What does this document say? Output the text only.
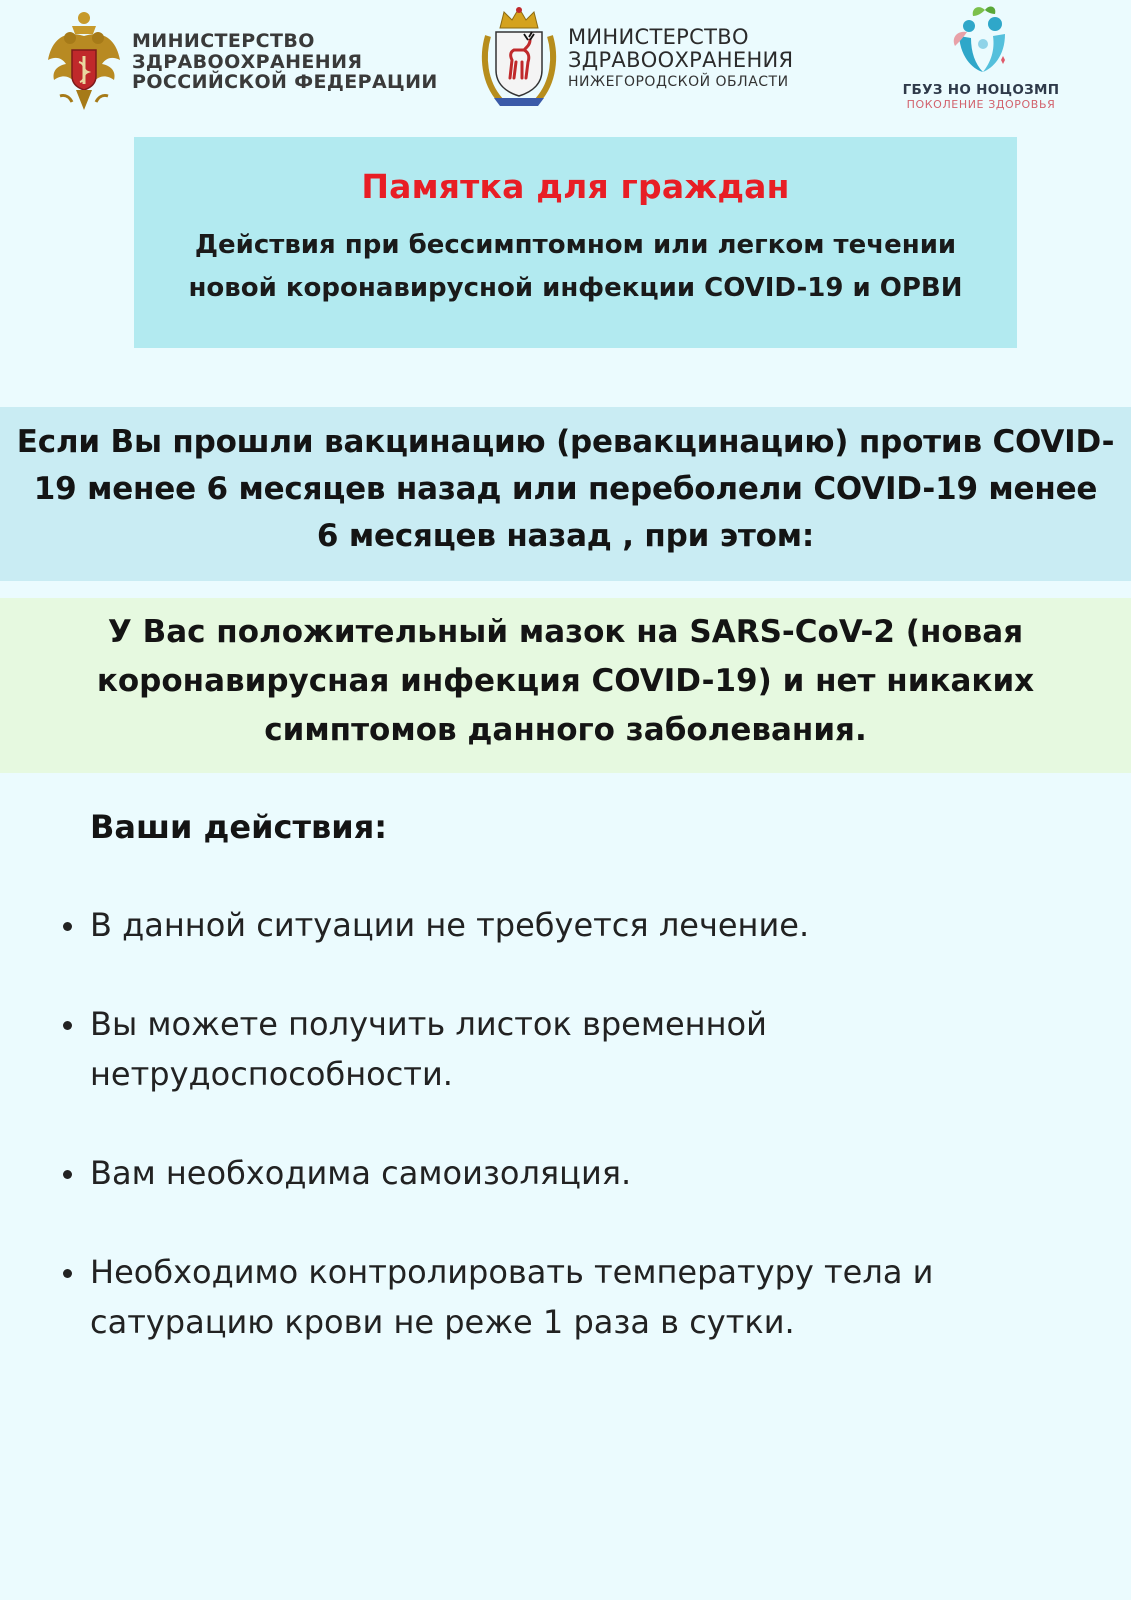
МИНИСТЕРСТВО
ЗДРАВООХРАНЕНИЯ
РОССИЙСКОЙ ФЕДЕРАЦИИ
МИНИСТЕРСТВО
ЗДРАВООХРАНЕНИЯ
НИЖЕГОРОДСКОЙ ОБЛАСТИ
ГБУЗ НО НОЦОЗМП
ПОКОЛЕНИЕ ЗДОРОВЬЯ
Памятка для граждан
Действия при бессимптомном или легком течении
новой коронавирусной инфекции COVID-19 и ОРВИ

Если Вы прошли вакцинацию (ревакцинацию) против COVID-

19 менее 6 месяцев назад или переболели COVID-19 менее

6 месяцев назад , при этом:

У Вас положительный мазок на SARS-CoV-2 (новая

коронавирусная инфекция COVID-19) и нет никаких

симптомов данного заболевания.

Ваши действия:
В данной ситуации не требуется лечение.
Вы можете получить листок временной
нетрудоспособности.
Вам необходима самоизоляция.
Необходимо контролировать температуру тела и
сатурацию крови не реже 1 раза в сутки.
